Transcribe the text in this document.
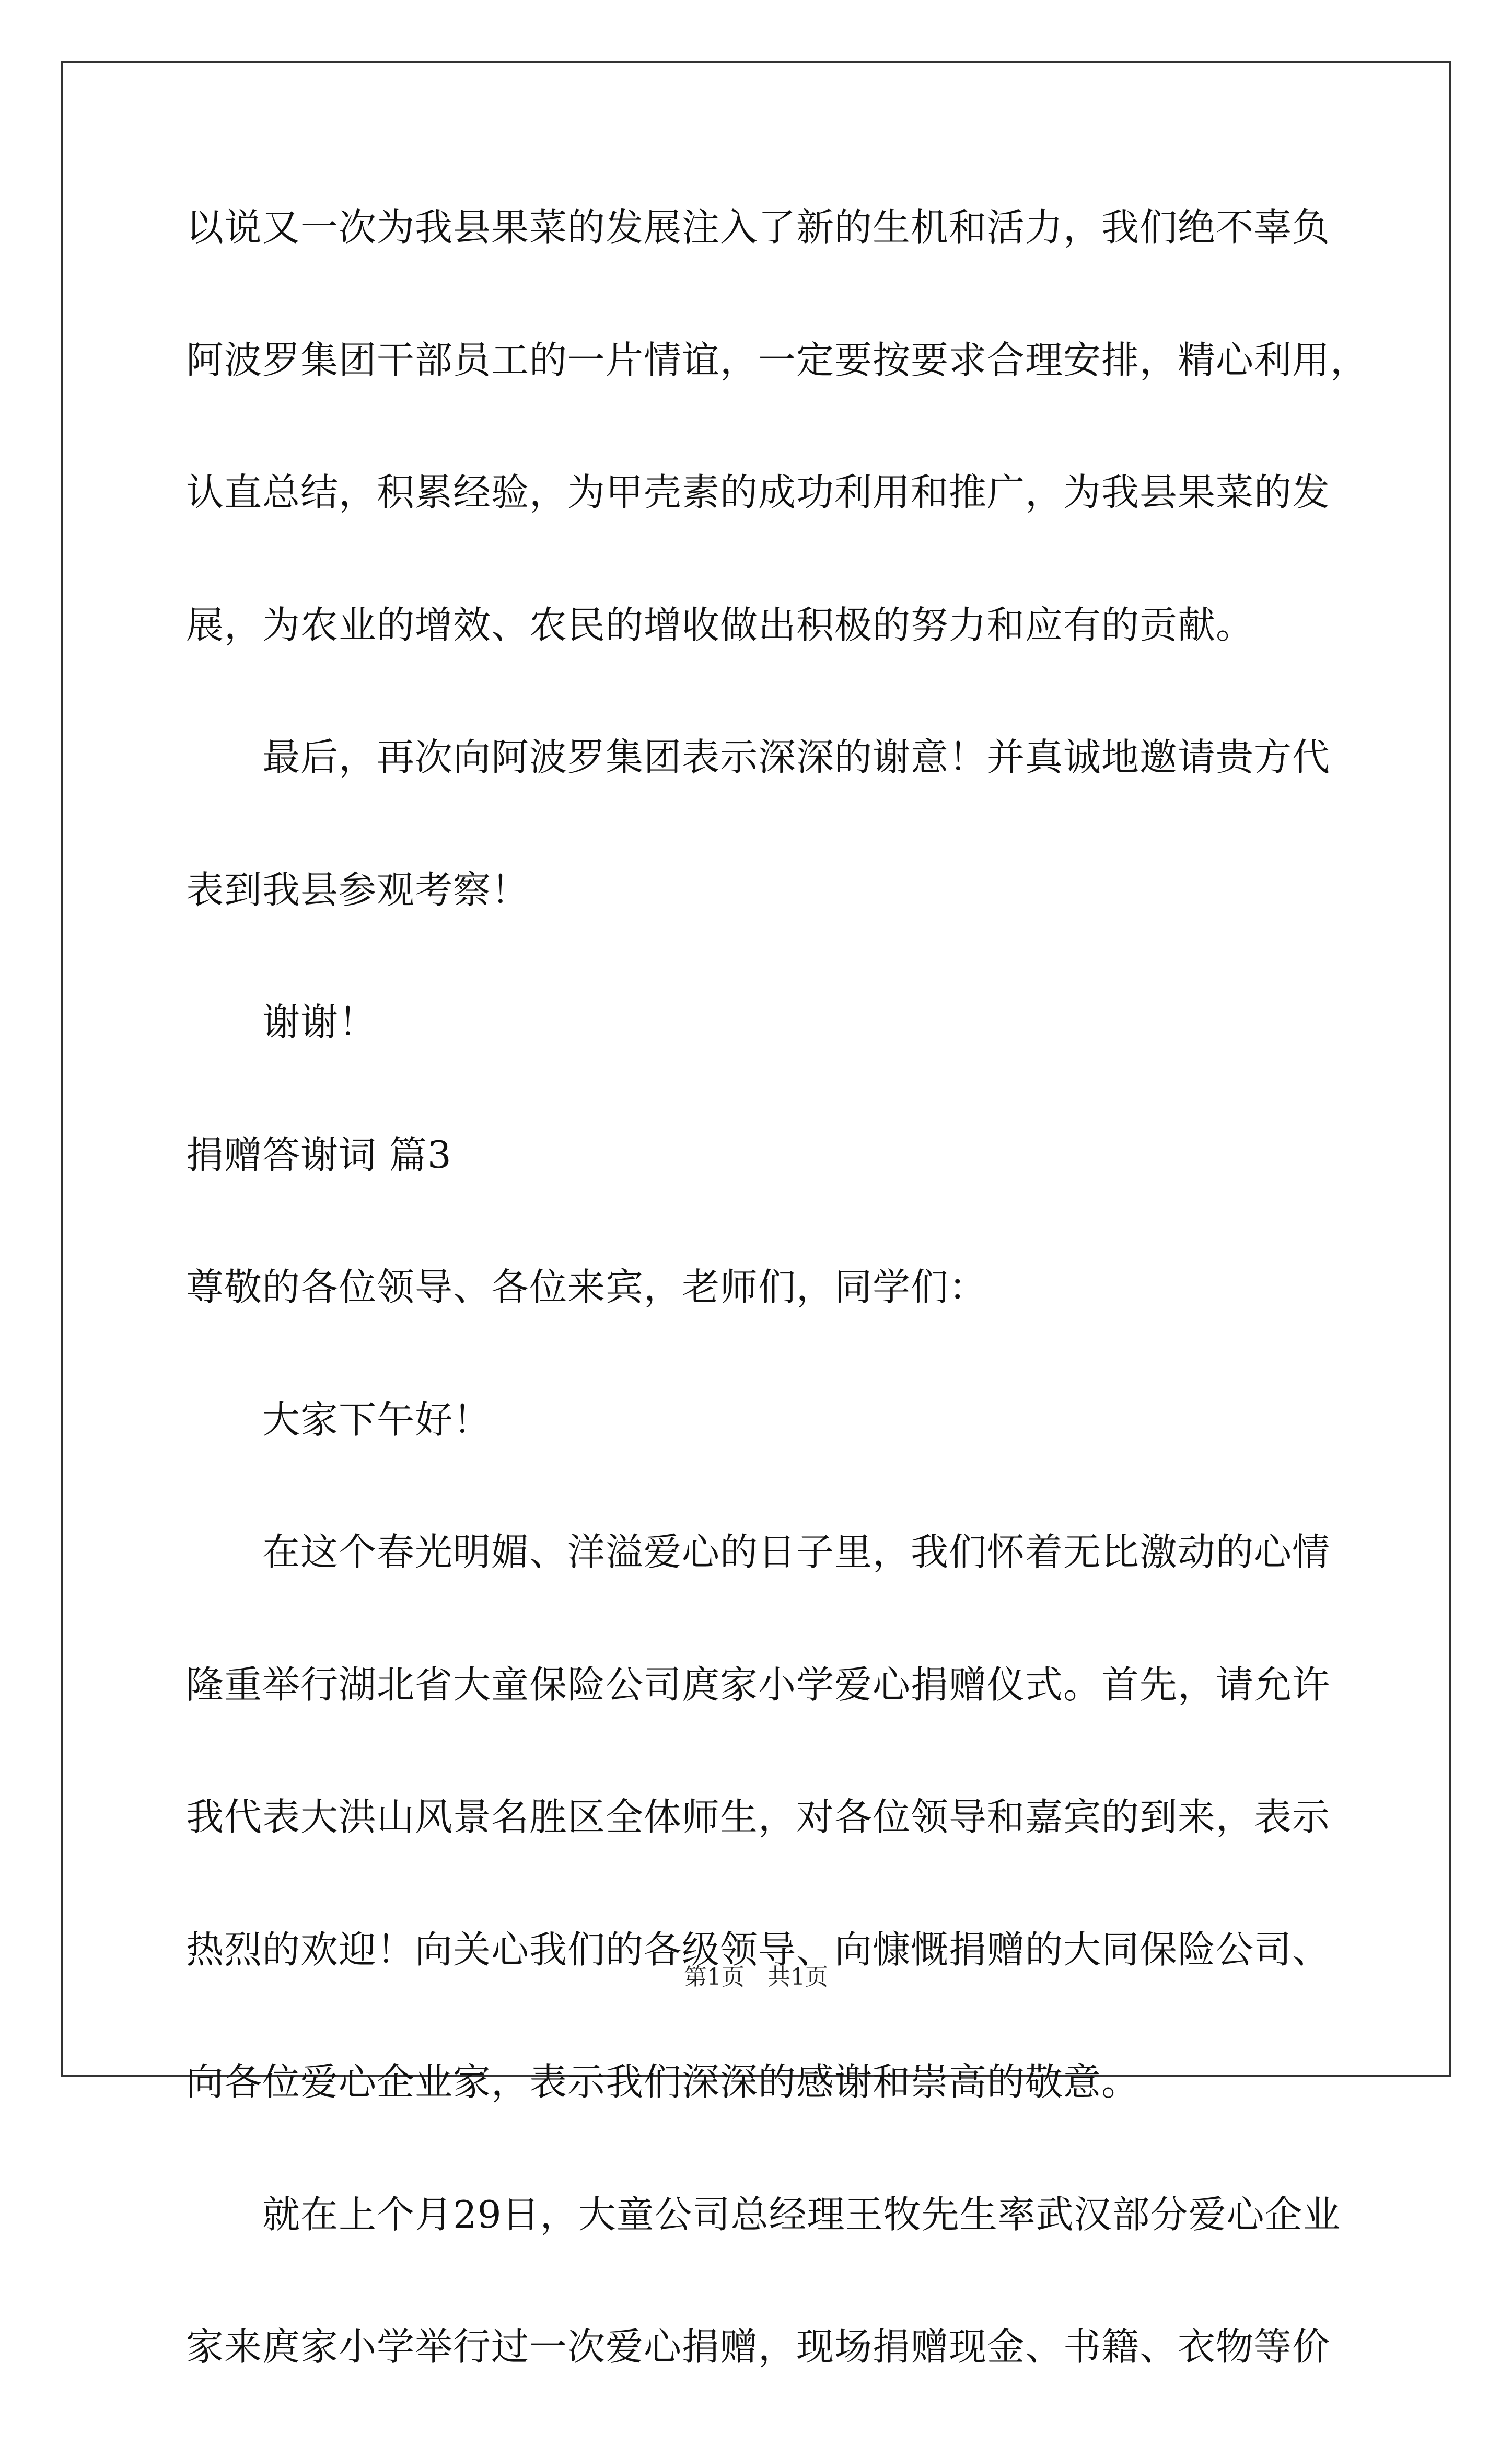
以说又一次为我县果菜的发展注入了新的生机和活力，我们绝不辜负

阿波罗集团干部员工的一片情谊，一定要按要求合理安排，精心利用，

认直总结，积累经验，为甲壳素的成功利用和推广，为我县果菜的发

展，为农业的增效、农民的增收做出积极的努力和应有的贡献。

最后，再次向阿波罗集团表示深深的谢意！并真诚地邀请贵方代

表到我县参观考察！

谢谢！

捐赠答谢词 篇3

尊敬的各位领导、各位来宾，老师们，同学们：

大家下午好！

在这个春光明媚、洋溢爱心的日子里，我们怀着无比激动的心情

隆重举行湖北省大童保险公司庹家小学爱心捐赠仪式。首先，请允许

我代表大洪山风景名胜区全体师生，对各位领导和嘉宾的到来，表示

热烈的欢迎！向关心我们的各级领导、向慷慨捐赠的大同保险公司、

向各位爱心企业家，表示我们深深的感谢和崇高的敬意。

就在上个月29日，大童公司总经理王牧先生率武汉部分爱心企业

家来庹家小学举行过一次爱心捐赠，现场捐赠现金、书籍、衣物等价

第1页　共1页
